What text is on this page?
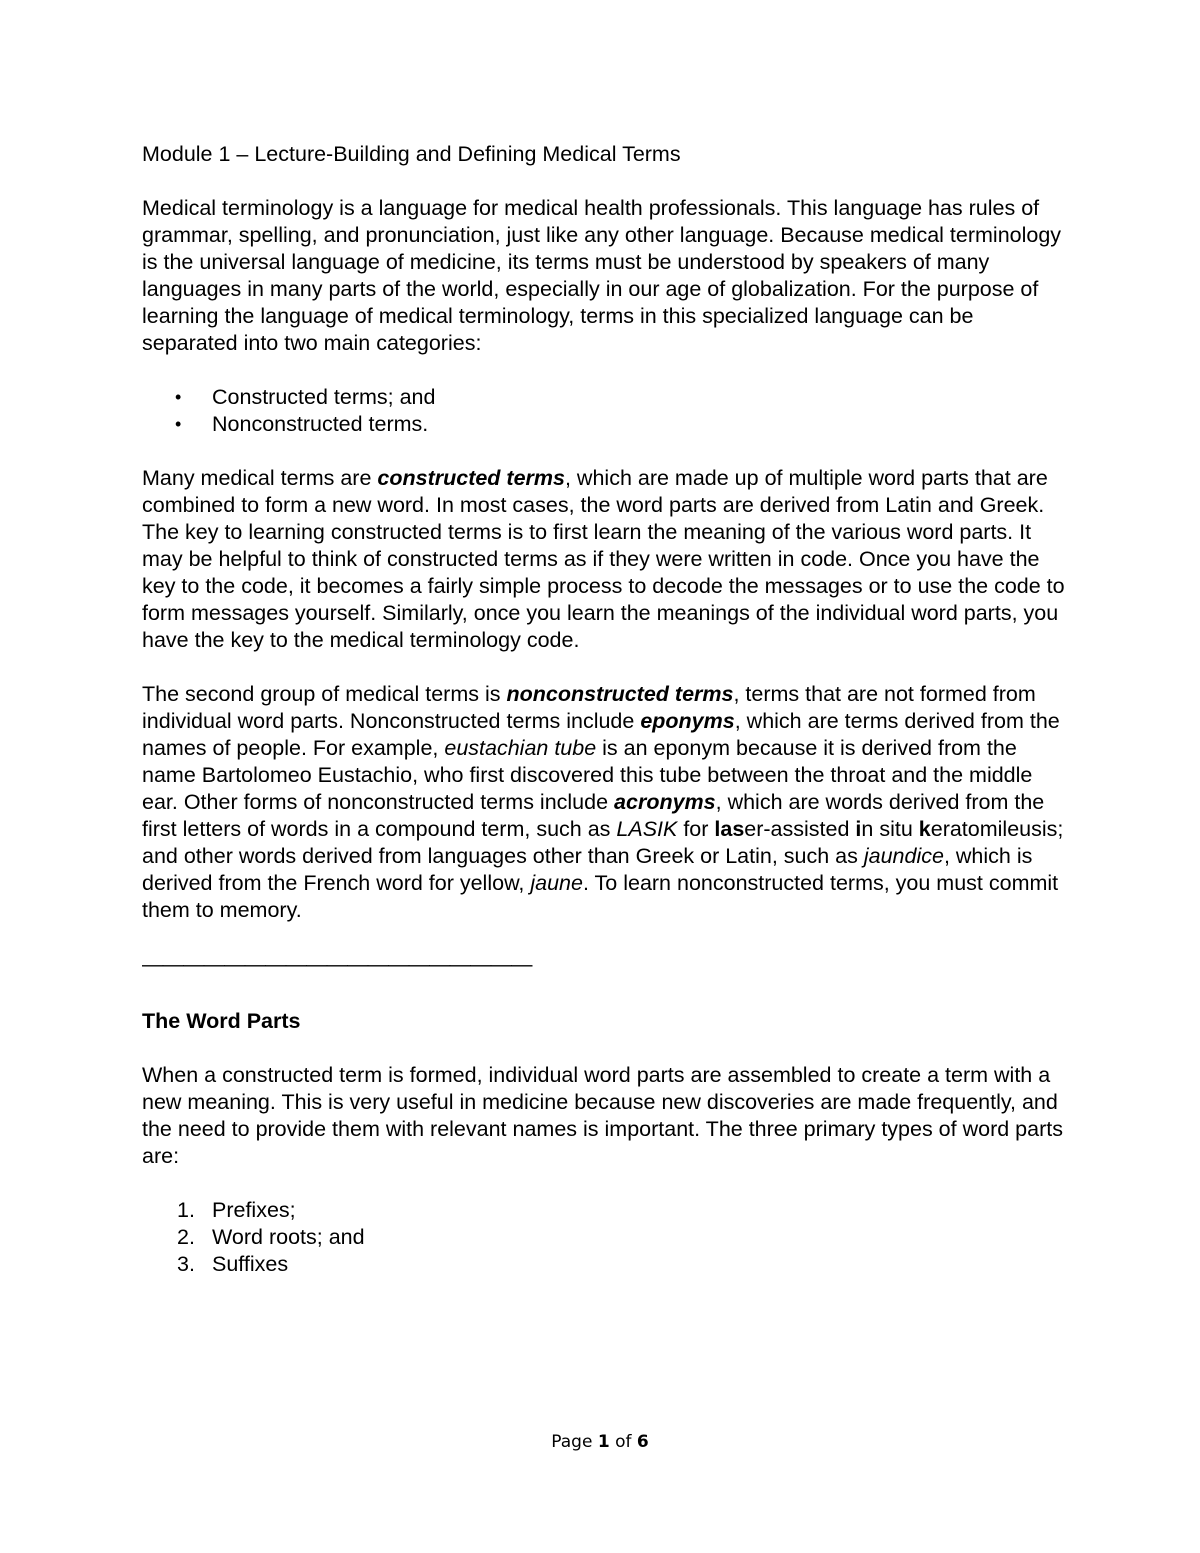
Module 1 – Lecture-Building and Defining Medical Terms

Medical terminology is a language for medical health professionals. This language has rules of grammar, spelling, and pronunciation, just like any other language. Because medical terminology is the universal language of medicine, its terms must be understood by speakers of many languages in many parts of the world, especially in our age of globalization. For the purpose of learning the language of medical terminology, terms in this specialized language can be separated into two main categories:

• Constructed terms; and
• Nonconstructed terms.

Many medical terms are constructed terms, which are made up of multiple word parts that are combined to form a new word. In most cases, the word parts are derived from Latin and Greek. The key to learning constructed terms is to first learn the meaning of the various word parts. It may be helpful to think of constructed terms as if they were written in code. Once you have the key to the code, it becomes a fairly simple process to decode the messages or to use the code to form messages yourself. Similarly, once you learn the meanings of the individual word parts, you have the key to the medical terminology code.

The second group of medical terms is nonconstructed terms, terms that are not formed from individual word parts. Nonconstructed terms include eponyms, which are terms derived from the names of people. For example, eustachian tube is an eponym because it is derived from the name Bartolomeo Eustachio, who first discovered this tube between the throat and the middle ear. Other forms of nonconstructed terms include acronyms, which are words derived from the first letters of words in a compound term, such as LASIK for laser-assisted in situ keratomileusis; and other words derived from languages other than Greek or Latin, such as jaundice, which is derived from the French word for yellow, jaune. To learn nonconstructed terms, you must commit them to memory.

———————————————————

The Word Parts

When a constructed term is formed, individual word parts are assembled to create a term with a new meaning. This is very useful in medicine because new discoveries are made frequently, and the need to provide them with relevant names is important. The three primary types of word parts are:

1. Prefixes;
2. Word roots; and
3. Suffixes
Page 1 of 6
